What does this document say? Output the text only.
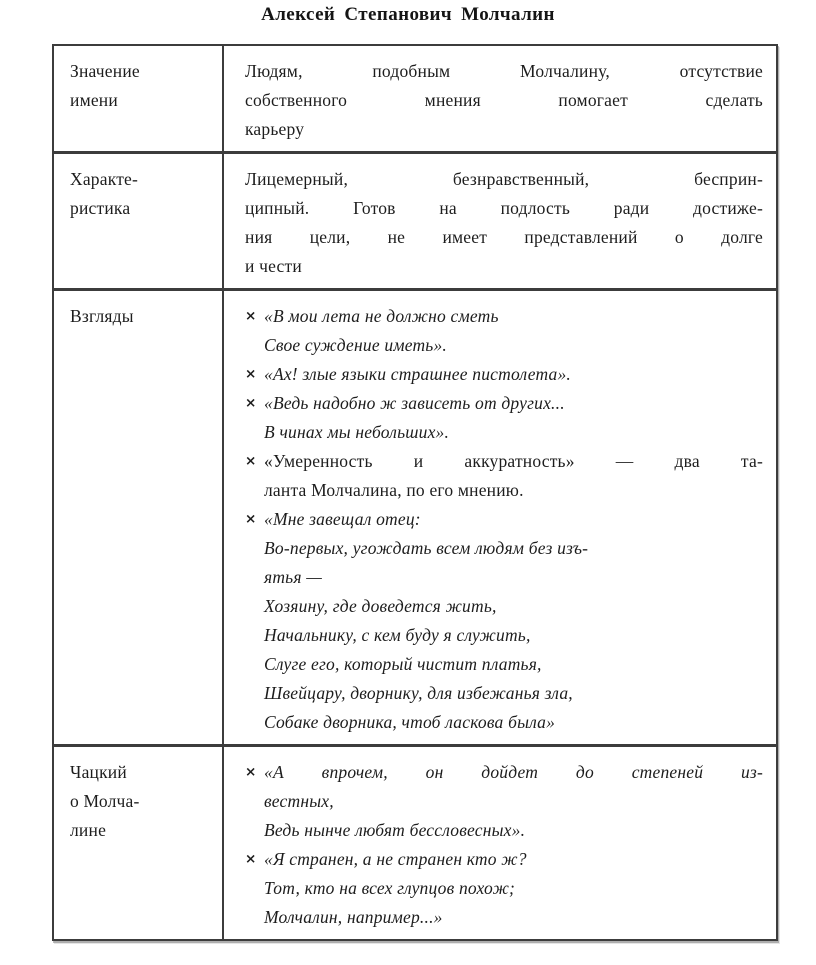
Алексей Степанович Молчалин
Значение
имени
Людям, подобным Молчалину, отсутствие
собственного мнения помогает сделать
карьеру
Характе-
ристика
Лицемерный, безнравственный, бесприн-
ципный. Готов на подлость ради достиже-
ния цели, не имеет представлений о долге
и чести
Взгляды	× «В мои лета не должно сметь
Свое суждение иметь».
× «Ах! злые языки страшнее пистолета».
× «Ведь надобно ж зависеть от других...
В чинах мы небольших».
× «Умеренность и аккуратность» — два та-
ланта Молчалина, по его мнению.
× «Мне завещал отец:
Во-первых, угождать всем людям без изъ-
ятья —
Хозяину, где доведется жить,
Начальнику, с кем буду я служить,
Слуге его, который чистит платья,
Швейцару, дворнику, для избежанья зла,
Собаке дворника, чтоб ласкова была»
Чацкий
о Молча-
лине
× «А впрочем, он дойдет до степеней из-
вестных,
Ведь нынче любят бессловесных».
× «Я странен, а не странен кто ж?
Тот, кто на всех глупцов похож;
Молчалин, например...»
